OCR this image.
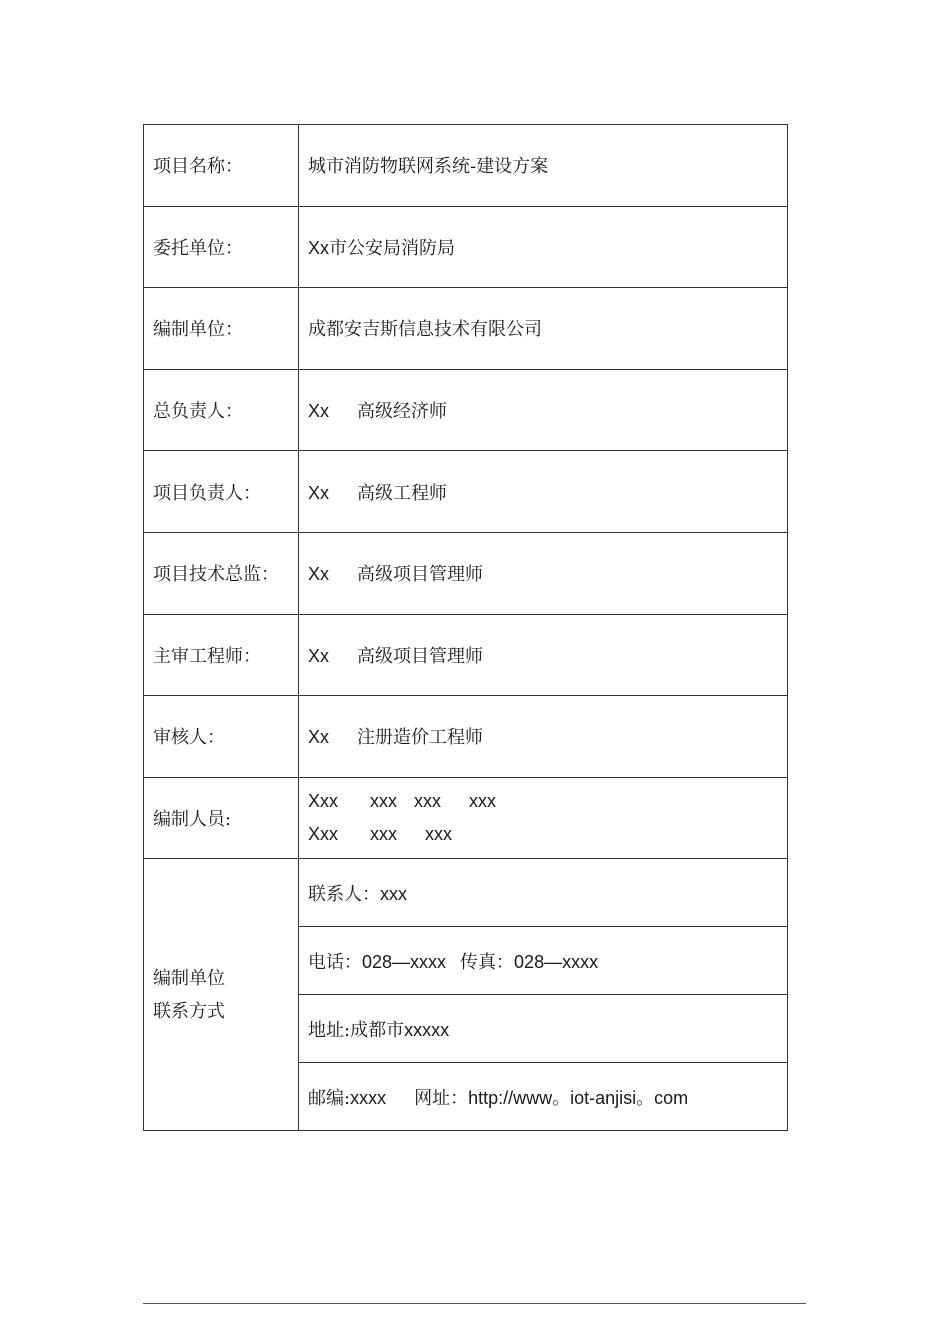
项目名称：	城市消防物联网系统-建设方案
委托单位：	Xx市公安局消防局
编制单位：	成都安吉斯信息技术有限公司
总负责人：	Xx 高级经济师
项目负责人：	Xx 高级工程师
项目技术总监：	Xx 高级项目管理师
主审工程师：	Xx 高级项目管理师
审核人：	Xx 注册造价工程师
编制人员:	Xxx xxx xxx xxx
Xxx xxx xxx

编制单位
联系方式	联系人：xxx
	电话：028—xxxx 传真：028—xxxx
	地址:成都市xxxxx
	邮编:xxxx 网址：http://www。iot-anjisi。com
